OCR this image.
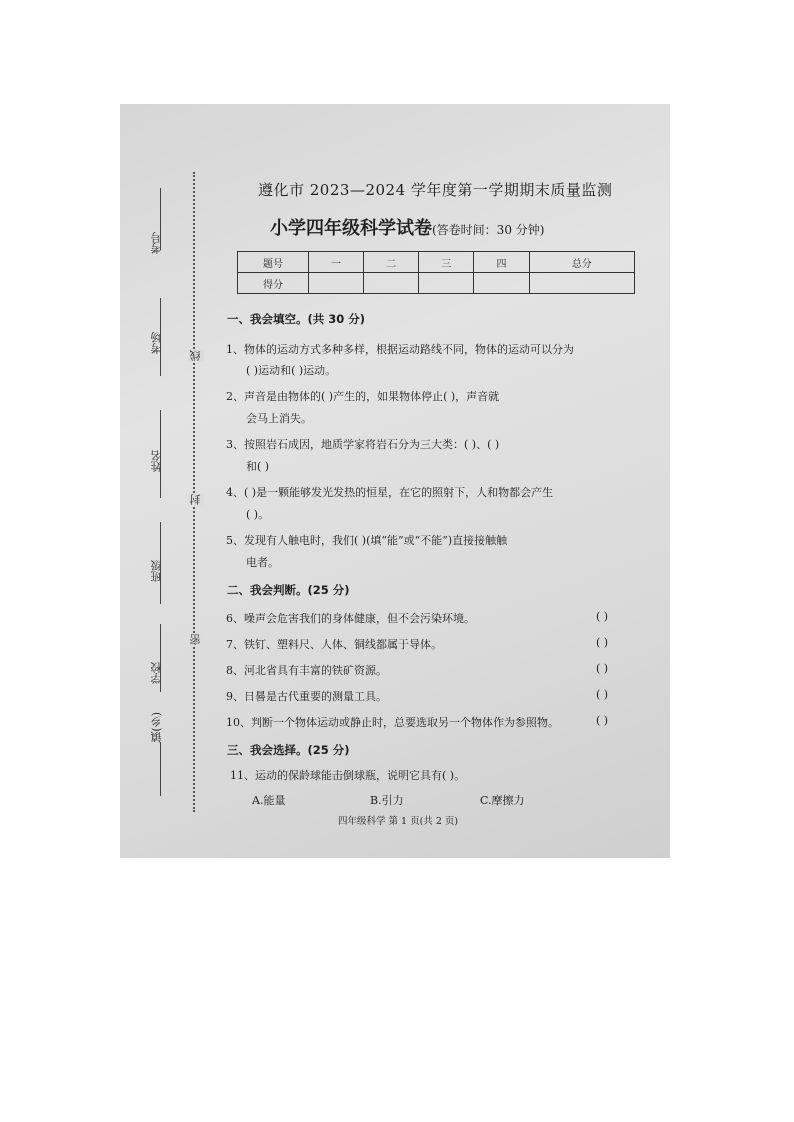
考号
考场
姓名
班级
学校
镇(乡)
线
封
密
遵化市 2023—2024 学年度第一学期期末质量监测
小学四年级科学试卷(答卷时间：30 分钟)
题号	一	二	三	四	总分
得分					
一、我会填空。(共 30 分)
1、物体的运动方式多种多样，根据运动路线不同，物体的运动可以分为
( )运动和( )运动。
2、声音是由物体的( )产生的，如果物体停止( )，声音就
会马上消失。
3、按照岩石成因，地质学家将岩石分为三大类：( )、( )
和( )
4、( )是一颗能够发光发热的恒星，在它的照射下，人和物都会产生
( )。
5、发现有人触电时，我们( )(填“能”或“不能”)直接接触触
电者。
二、我会判断。(25 分)
6、噪声会危害我们的身体健康，但不会污染环境。	( )
7、铁钉、塑料尺、人体、铜线都属于导体。	( )
8、河北省具有丰富的铁矿资源。	( )
9、日晷是古代重要的测量工具。	( )
10、判断一个物体运动或静止时，总要选取另一个物体作为参照物。	( )
三、我会选择。(25 分)
11、运动的保龄球能击倒球瓶，说明它具有( )。
A.能量	B.引力	C.摩擦力
四年级科学 第 1 页(共 2 页)
